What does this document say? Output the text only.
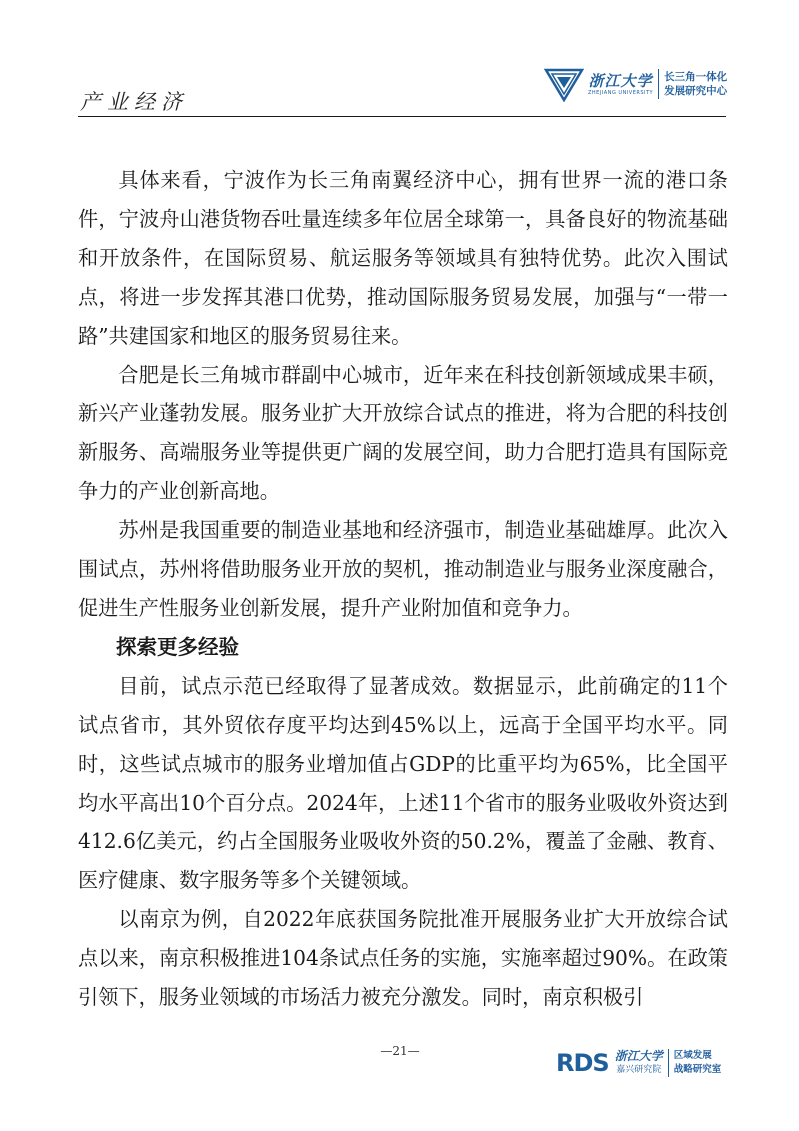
产业经济
浙江大学
ZHEJIANG UNIVERSITY
长三角一体化
发展研究中心

具体来看，宁波作为长三角南翼经济中心，拥有世界一流的港口条件，宁波舟山港货物吞吐量连续多年位居全球第一，具备良好的物流基础和开放条件，在国际贸易、航运服务等领域具有独特优势。此次入围试点，将进一步发挥其港口优势，推动国际服务贸易发展，加强与“一带一路”共建国家和地区的服务贸易往来。

合肥是长三角城市群副中心城市，近年来在科技创新领域成果丰硕，新兴产业蓬勃发展。服务业扩大开放综合试点的推进，将为合肥的科技创新服务、高端服务业等提供更广阔的发展空间，助力合肥打造具有国际竞争力的产业创新高地。

苏州是我国重要的制造业基地和经济强市，制造业基础雄厚。此次入围试点，苏州将借助服务业开放的契机，推动制造业与服务业深度融合，促进生产性服务业创新发展，提升产业附加值和竞争力。

探索更多经验

目前，试点示范已经取得了显著成效。数据显示，此前确定的11个试点省市，其外贸依存度平均达到45%以上，远高于全国平均水平。同时，这些试点城市的服务业增加值占GDP的比重平均为65%，比全国平均水平高出10个百分点。2024年，上述11个省市的服务业吸收外资达到412.6亿美元，约占全国服务业吸收外资的50.2%，覆盖了金融、教育、医疗健康、数字服务等多个关键领域。

以南京为例，自2022年底获国务院批准开展服务业扩大开放综合试点以来，南京积极推进104条试点任务的实施，实施率超过90%。在政策引领下，服务业领域的市场活力被充分激发。同时，南京积极引

—21—	RDS 浙江大学
嘉兴研究院
区域发展
战略研究室
